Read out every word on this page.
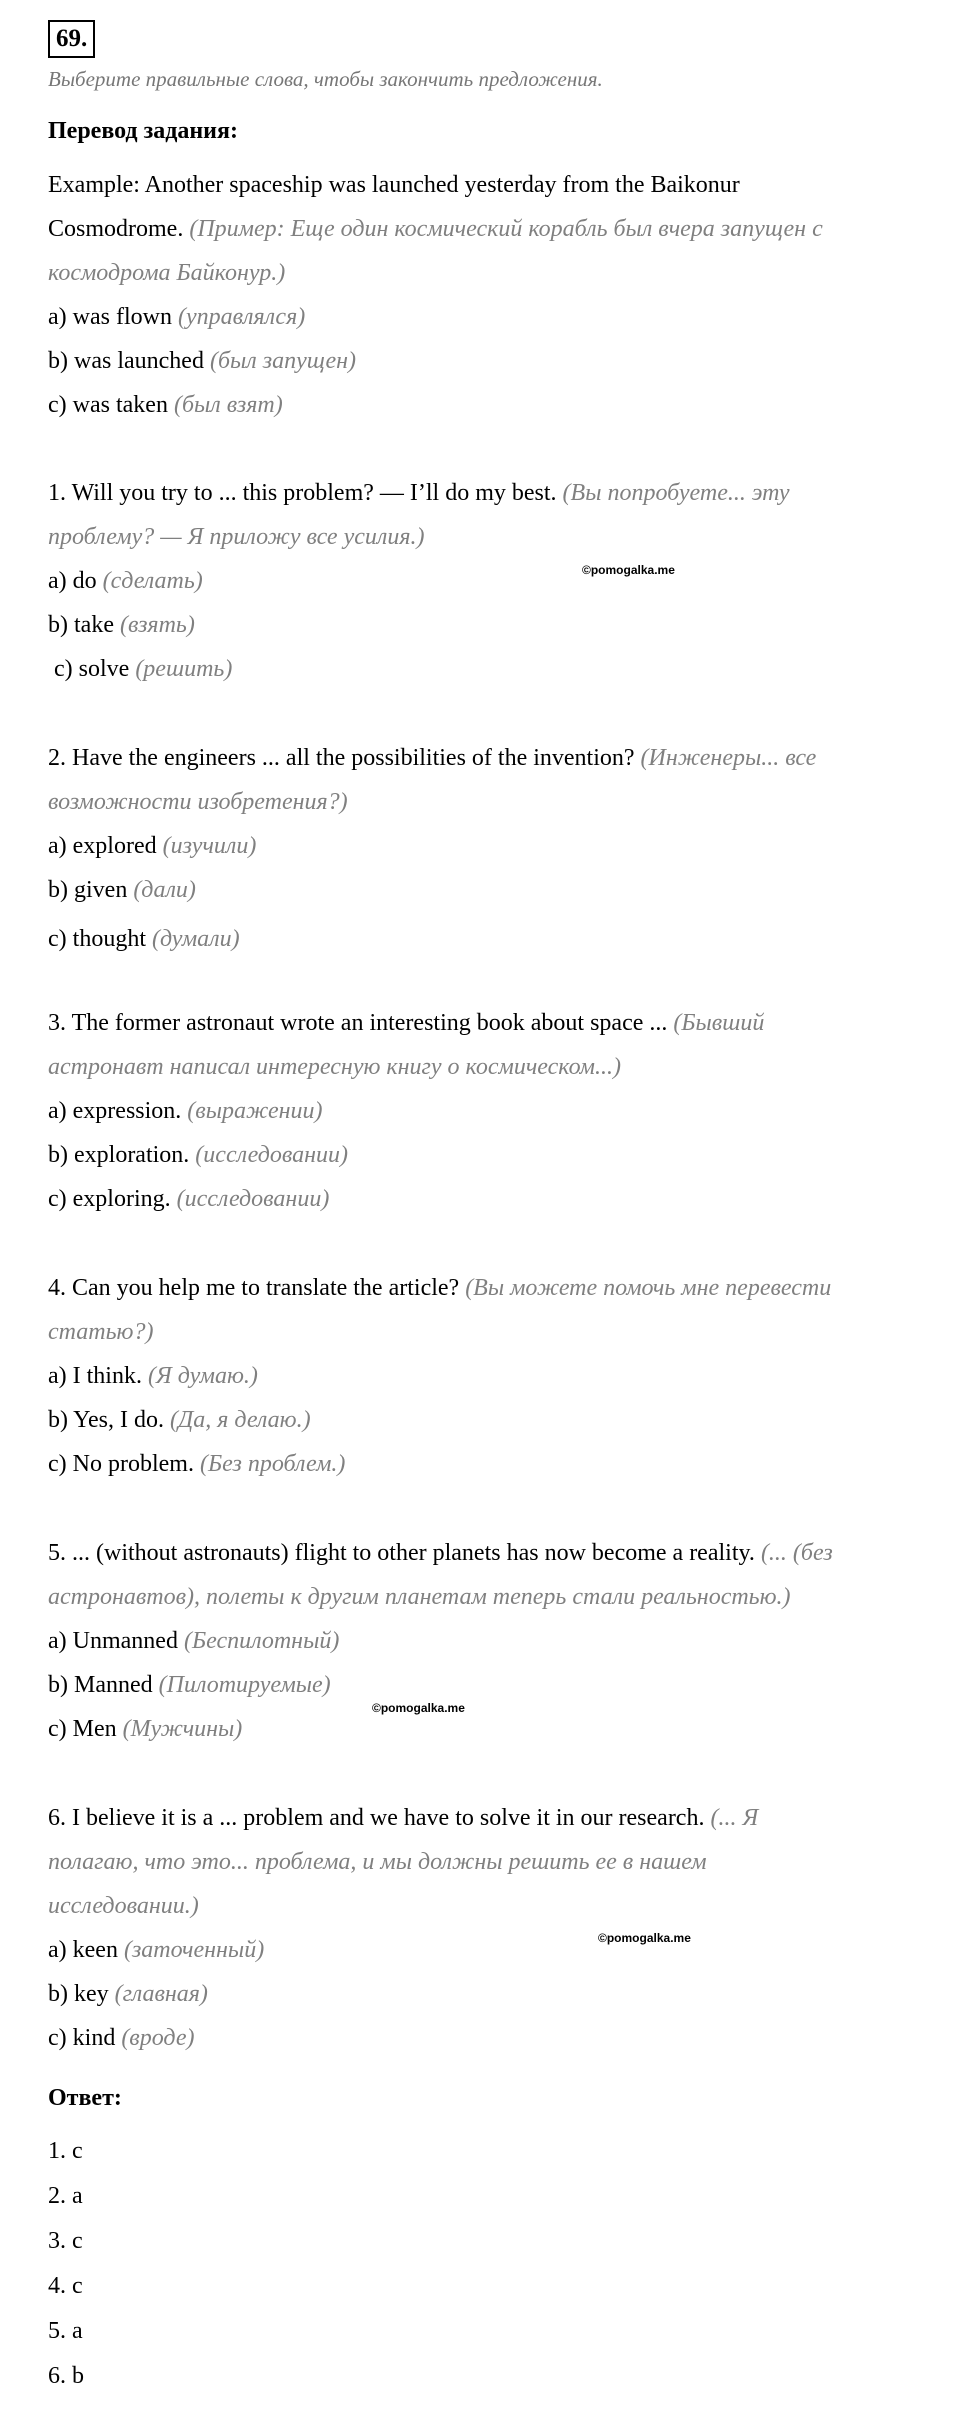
69.
Выберите правильные слова, чтобы закончить предложения.
Перевод задания:
Example: Another spaceship was launched yesterday from the Baikonur
Cosmodrome. (Пример: Еще один космический корабль был вчера запущен с
космодрома Байконур.)
a) was flown (управлялся)
b) was launched (был запущен)
c) was taken (был взят)
1. Will you try to ... this problem? — I’ll do my best. (Вы попробуете... эту
проблему? — Я приложу все усилия.)
a) do (сделать)
b) take (взять)
c) solve (решить)
2. Have the engineers ... all the possibilities of the invention? (Инженеры... все
возможности изобретения?)
a) explored (изучили)
b) given (дали)
c) thought (думали)
3. The former astronaut wrote an interesting book about space ... (Бывший
астронавт написал интересную книгу о космическом...)
a) expression. (выражении)
b) exploration. (исследовании)
c) exploring. (исследовании)
4. Can you help me to translate the article? (Вы можете помочь мне перевести
статью?)
a) I think. (Я думаю.)
b) Yes, I do. (Да, я делаю.)
c) No problem. (Без проблем.)
5. ... (without astronauts) flight to other planets has now become a reality. (... (без
астронавтов), полеты к другим планетам теперь стали реальностью.)
a) Unmanned (Беспилотный)
b) Manned (Пилотируемые)
c) Men (Мужчины)
6. I believe it is a ... problem and we have to solve it in our research. (... Я
полагаю, что это... проблема, и мы должны решить ее в нашем
исследовании.)
a) keen (заточенный)
b) key (главная)
c) kind (вроде)
Ответ:
1. c
2. a
3. c
4. c
5. a
6. b
©pomogalka.me
©pomogalka.me
©pomogalka.me
